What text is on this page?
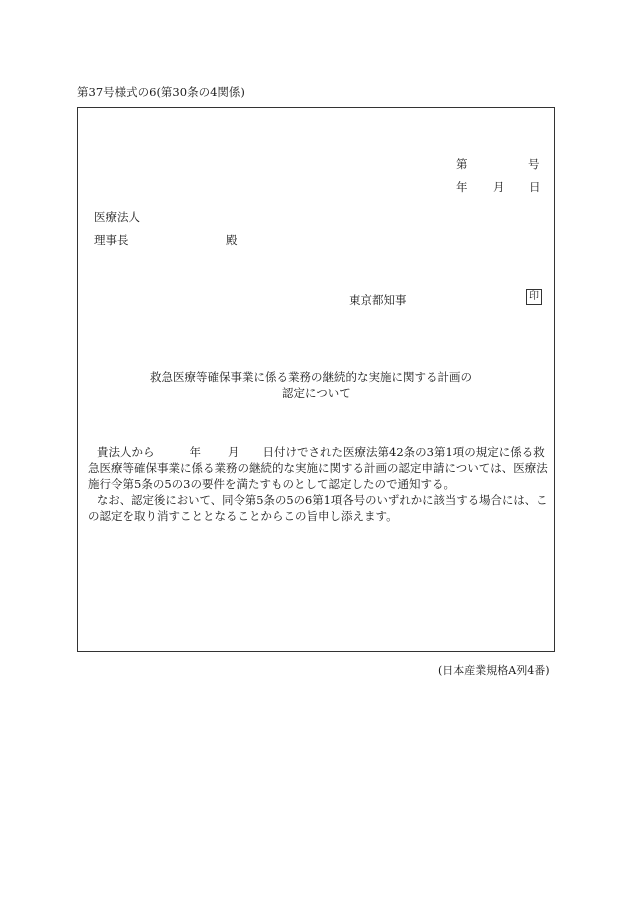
第37号様式の6(第30条の4関係)
第	号
年 月 日
医療法人
理事長	殿
東京都知事	印
救急医療等確保事業に係る業務の継続的な実施に関する計画の
認定について
貴法人から	年 月 日付けでされた医療法第42条の3第1項の規定に係る救
急医療等確保事業に係る業務の継続的な実施に関する計画の認定申請については、医療法
施行令第5条の5の3の要件を満たすものとして認定したので通知する。
なお、認定後において、同令第5条の5の6第1項各号のいずれかに該当する場合には、こ
の認定を取り消すこととなることからこの旨申し添えます。
(日本産業規格A列4番)
